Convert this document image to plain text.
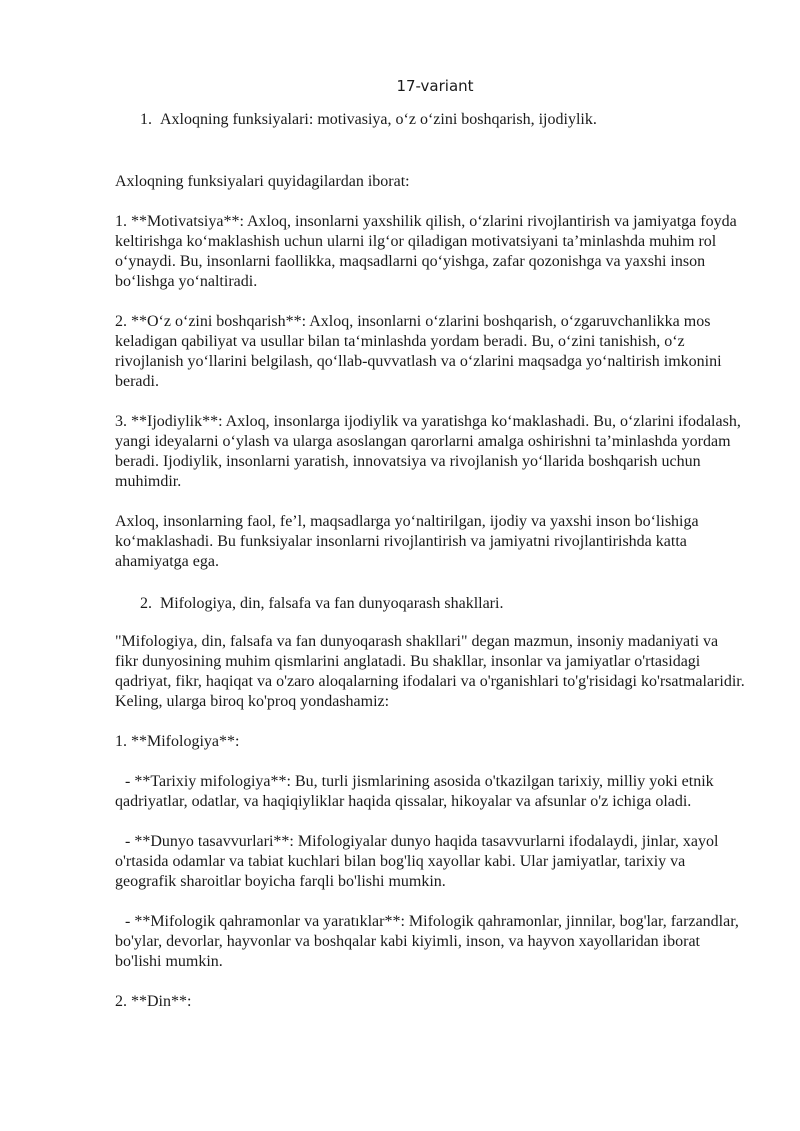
17-variant
1. Axloqning funksiyalari: motivasiya, o‘z o‘zini boshqarish, ijodiylik.

Axloqning funksiyalari quyidagilardan iborat:

1. **Motivatsiya**: Axloq, insonlarni yaxshilik qilish, o‘zlarini rivojlantirish va jamiyatga foyda keltirishga ko‘maklashish uchun ularni ilg‘or qiladigan motivatsiyani ta’minlashda muhim rol o‘ynaydi. Bu, insonlarni faollikka, maqsadlarni qo‘yishga, zafar qozonishga va yaxshi inson bo‘lishga yo‘naltiradi.

2. **O‘z o‘zini boshqarish**: Axloq, insonlarni o‘zlarini boshqarish, o‘zgaruvchanlikka mos keladigan qabiliyat va usullar bilan ta‘minlashda yordam beradi. Bu, o‘zini tanishish, o‘z rivojlanish yo‘llarini belgilash, qo‘llab-quvvatlash va o‘zlarini maqsadga yo‘naltirish imkonini beradi.

3. **Ijodiylik**: Axloq, insonlarga ijodiylik va yaratishga ko‘maklashadi. Bu, o‘zlarini ifodalash, yangi ideyalarni o‘ylash va ularga asoslangan qarorlarni amalga oshirishni ta’minlashda yordam beradi. Ijodiylik, insonlarni yaratish, innovatsiya va rivojlanish yo‘llarida boshqarish uchun muhimdir.

Axloq, insonlarning faol, fe’l, maqsadlarga yo‘naltirilgan, ijodiy va yaxshi inson bo‘lishiga ko‘maklashadi. Bu funksiyalar insonlarni rivojlantirish va jamiyatni rivojlantirishda katta ahamiyatga ega.

2. Mifologiya, din, falsafa va fan dunyoqarash shakllari.

"Mifologiya, din, falsafa va fan dunyoqarash shakllari" degan mazmun, insoniy madaniyati va fikr dunyosining muhim qismlarini anglatadi. Bu shakllar, insonlar va jamiyatlar o'rtasidagi qadriyat, fikr, haqiqat va o'zaro aloqalarning ifodalari va o'rganishlari to'g'risidagi ko'rsatmalaridir. Keling, ularga biroq ko'proq yondashamiz:

1. **Mifologiya**:

- **Tarixiy mifologiya**: Bu, turli jismlarining asosida o'tkazilgan tarixiy, milliy yoki etnik qadriyatlar, odatlar, va haqiqiyliklar haqida qissalar, hikoyalar va afsunlar o'z ichiga oladi.

- **Dunyo tasavvurlari**: Mifologiyalar dunyo haqida tasavvurlarni ifodalaydi, jinlar, xayol o'rtasida odamlar va tabiat kuchlari bilan bog'liq xayollar kabi. Ular jamiyatlar, tarixiy va geografik sharoitlar boyicha farqli bo'lishi mumkin.

- **Mifologik qahramonlar va yaratıklar**: Mifologik qahramonlar, jinnilar, bog'lar, farzandlar, bo'ylar, devorlar, hayvonlar va boshqalar kabi kiyimli, inson, va hayvon xayollaridan iborat bo'lishi mumkin.

2. **Din**:
